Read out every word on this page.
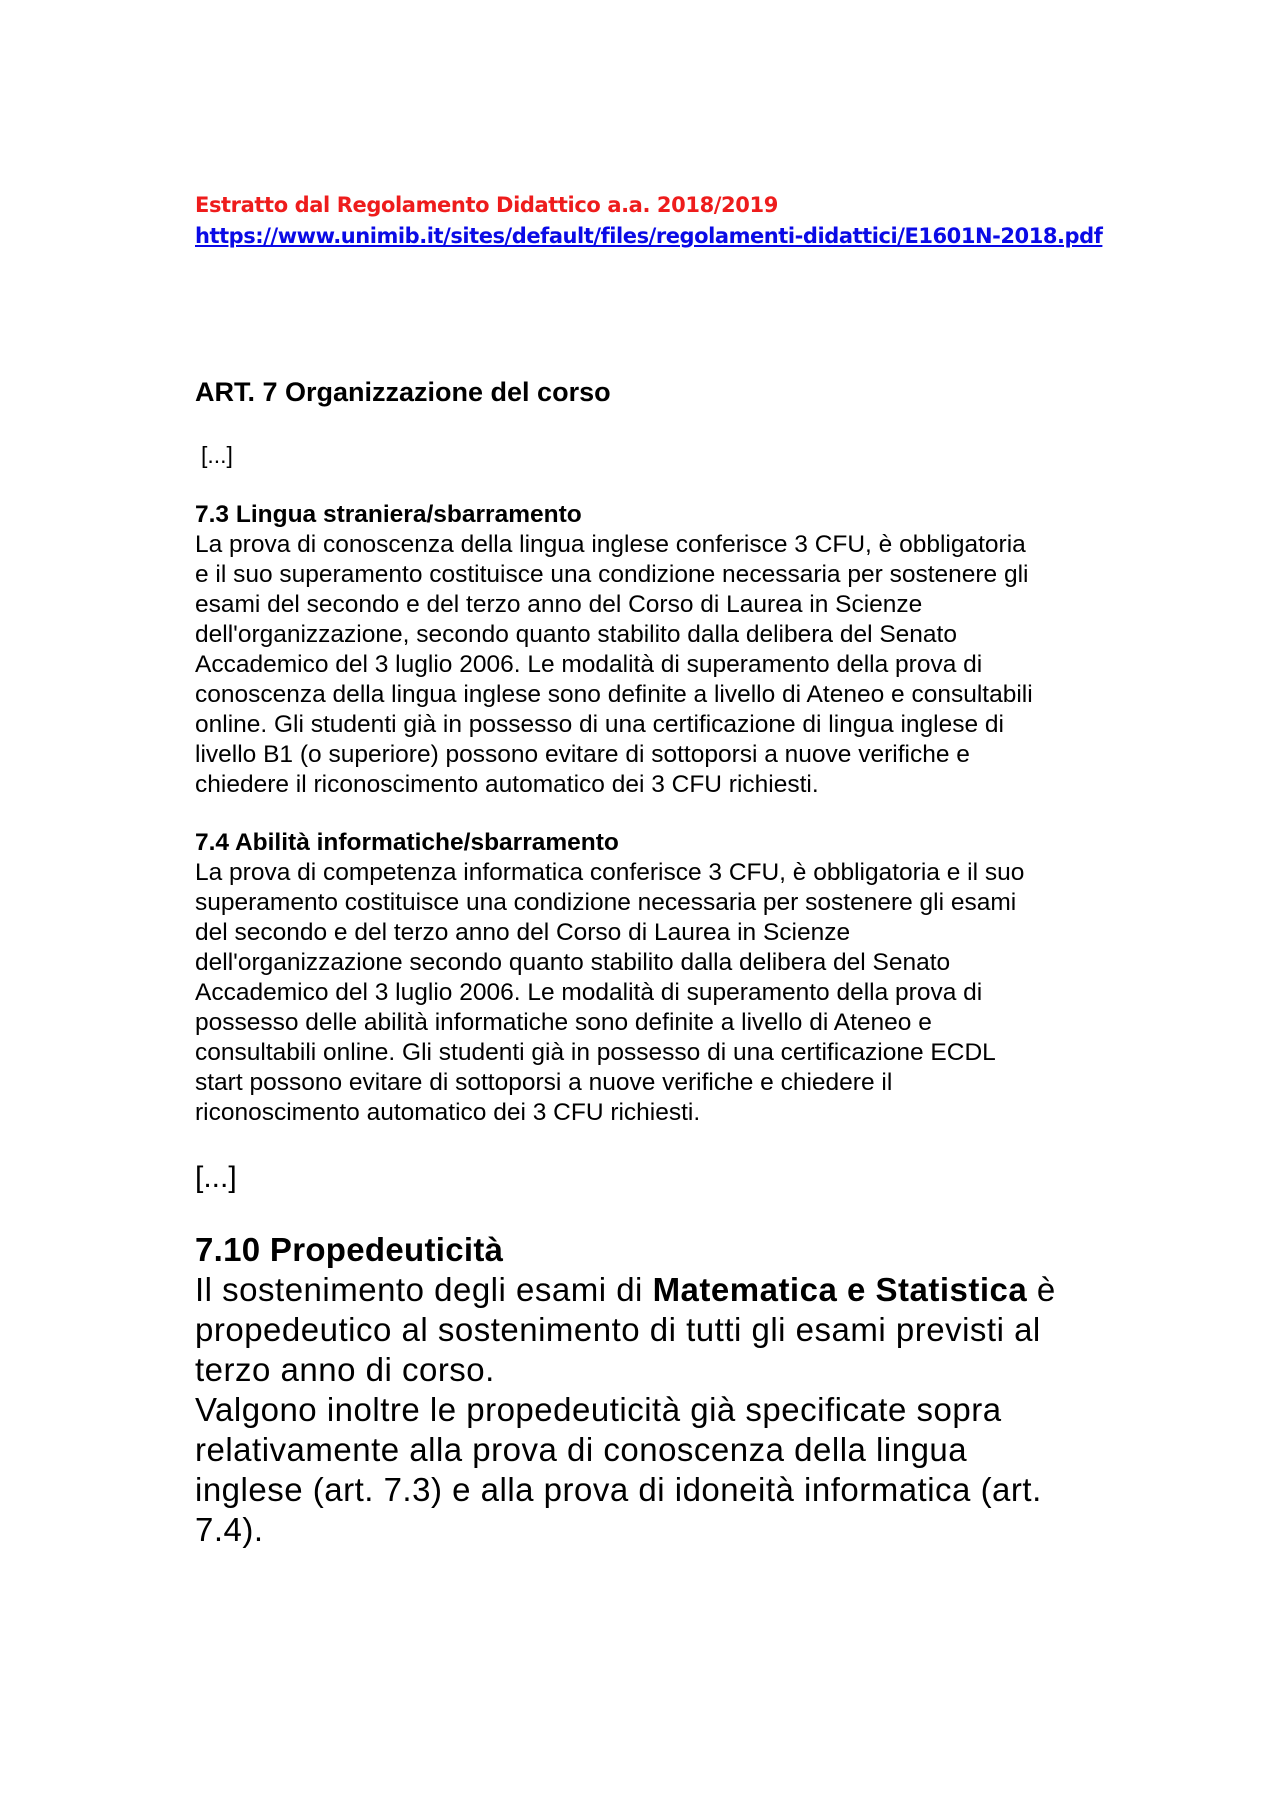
Estratto dal Regolamento Didattico a.a. 2018/2019
https://www.unimib.it/sites/default/files/regolamenti-didattici/E1601N-2018.pdf
ART. 7 Organizzazione del corso
[...]
7.3 Lingua straniera/sbarramento
La prova di conoscenza della lingua inglese conferisce 3 CFU, è obbligatoria
e il suo superamento costituisce una condizione necessaria per sostenere gli
esami del secondo e del terzo anno del Corso di Laurea in Scienze
dell'organizzazione, secondo quanto stabilito dalla delibera del Senato
Accademico del 3 luglio 2006. Le modalità di superamento della prova di
conoscenza della lingua inglese sono definite a livello di Ateneo e consultabili
online. Gli studenti già in possesso di una certificazione di lingua inglese di
livello B1 (o superiore) possono evitare di sottoporsi a nuove verifiche e
chiedere il riconoscimento automatico dei 3 CFU richiesti.
7.4 Abilità informatiche/sbarramento
La prova di competenza informatica conferisce 3 CFU, è obbligatoria e il suo
superamento costituisce una condizione necessaria per sostenere gli esami
del secondo e del terzo anno del Corso di Laurea in Scienze
dell'organizzazione secondo quanto stabilito dalla delibera del Senato
Accademico del 3 luglio 2006. Le modalità di superamento della prova di
possesso delle abilità informatiche sono definite a livello di Ateneo e
consultabili online. Gli studenti già in possesso di una certificazione ECDL
start possono evitare di sottoporsi a nuove verifiche e chiedere il
riconoscimento automatico dei 3 CFU richiesti.
[...]
7.10 Propedeuticità
Il sostenimento degli esami di Matematica e Statistica è
propedeutico al sostenimento di tutti gli esami previsti al
terzo anno di corso.
Valgono inoltre le propedeuticità già specificate sopra
relativamente alla prova di conoscenza della lingua
inglese (art. 7.3) e alla prova di idoneità informatica (art.
7.4).
